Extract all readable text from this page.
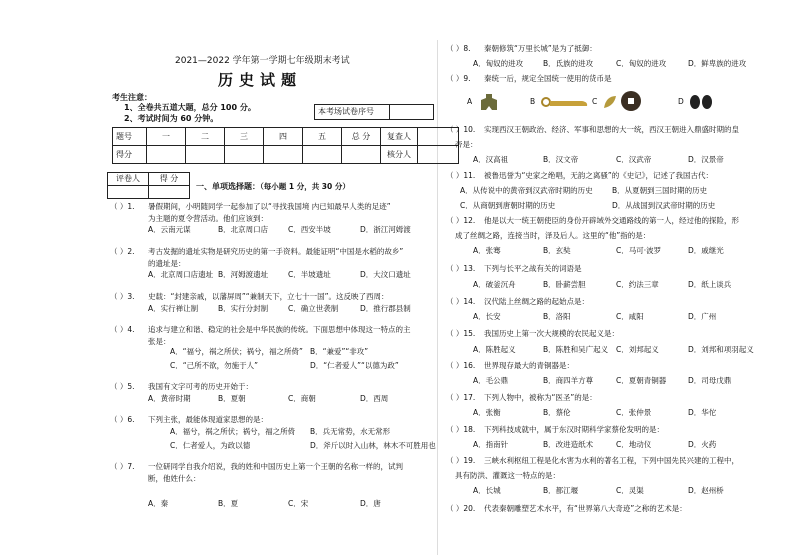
2021—2022 学年第一学期七年级期末考试
历史试题
考生注意：
1、全卷共五道大题，总分 100 分。
2、考试时间为 60 分钟。
本考场试卷序号
题号	一	二	三	四	五	总 分	复查人	
得分							核分人	
评卷人	得 分

一、单项选择题：（每小题 1 分，共 30 分）
（ ）1. 暑假期间，小明随同学一起参加了以“寻找我国境 内已知最早人类的足迹”
为主题的夏令营活动。他们应该到：
A．云南元谋	B．北京周口店	C．西安半坡	D．浙江河姆渡
（ ）2. 考古发掘的遗址实物是研究历史的第一手资料。最能证明“中国是水稻的故乡”
的遗址是：
A．北京周口店遗址 B．河姆渡遗址	C．半坡遗址	D．大汶口遗址
（ ）3. 史载：“封建亲戚，以藩屏周”“兼制天下，立七十一国”。这反映了西周：
A．实行禅让制	B．实行分封制	C．确立世袭制	D．推行郡县制
（ ）4. 追求与建立和谐、稳定的社会是中华民族的传统。下面思想中体现这一特点的主
张是：
A．“福兮，祸之所伏；祸兮，福之所倚” B．“兼爱”“非攻”
C．“己所不欲，勿施于人”	D．“仁者爱人”“以德为政”
（ ）5. 我国有文字可考的历史开始于：
A．黄帝时期	B．夏朝	C．商朝	D．西周
（ ）6. 下列主张，最能体现道家思想的是：
A．福兮，祸之所伏；祸兮，福之所倚 B．兵无常势，水无常形
C．仁者爱人，为政以德	D．斧斤以时入山林，林木不可胜用也
（ ）7. 一位研同学自我介绍说，我的姓和中国历史上第一个王朝的名称一样的，试判
断，他姓什么：
A．秦	B．夏	C．宋	D．唐
（ ）8. 秦朝修筑“万里长城”是为了抵御：
A．匈奴的进攻	B．氐族的进攻	C．匈奴的进攻	D．鲜卑族的进攻
（ ）9. 秦统一后，规定全国统一使用的货币是
（ ）10. 实现西汉王朝政治、经济、军事和思想的大一统，西汉王朝进入鼎盛时期的皇
帝是：
A．汉高祖	B．汉文帝	C．汉武帝	D．汉景帝
（ ）11. 被鲁迅誉为“史家之绝唱，无韵之离骚”的《史记》，记述了我国古代：
A．从传说中的黄帝到汉武帝时期的历史	B．从夏朝到三国时期的历史
C．从商朝到唐朝时期的历史	D．从战国到汉武帝时期的历史
（ ）12. 他是以大一统王朝使臣的身份开辟域外交通路线的第一人，经过他的探险，形
成了丝绸之路，连接当时，泽及后人。这里的“他”指的是：
A．张骞	B．玄奘	C．马可·波罗	D．戚继光
（ ）13. 下列与长平之战有关的词语是
A．破釜沉舟	B．卧薪尝胆	C．约法三章	D．纸上谈兵
（ ）14. 汉代陆上丝绸之路的起始点是：
A．长安	B．洛阳	C．咸阳	D．广州
（ ）15. 我国历史上第一次大规模的农民起义是：
A．陈胜起义	B．陈胜和吴广起义 C．刘邦起义	D．刘邦和项羽起义
（ ）16. 世界现存最大的青铜器是：
A．毛公鼎	B．商四羊方尊	C．夏朝青铜器	D．司母戊鼎
（ ）17. 下列人物中，被称为“医圣”的是：
A．张衡	B．蔡伦	C．张仲景	D．华佗
（ ）18. 下列科技成就中，属于东汉时期科学家蔡伦发明的是：
A．指南针	B．改进造纸术	C．地动仪	D．火药
（ ）19. 三峡水利枢纽工程是化水害为水利的著名工程，下列中国先民兴建的工程中，
具有防洪、灌溉这一特点的是：
A．长城	B．都江堰	C．灵渠	D．赵州桥
（ ）20. 代表秦朝雕塑艺术水平，有“世界第八大奇迹”之称的艺术是：
A	B	C	D
